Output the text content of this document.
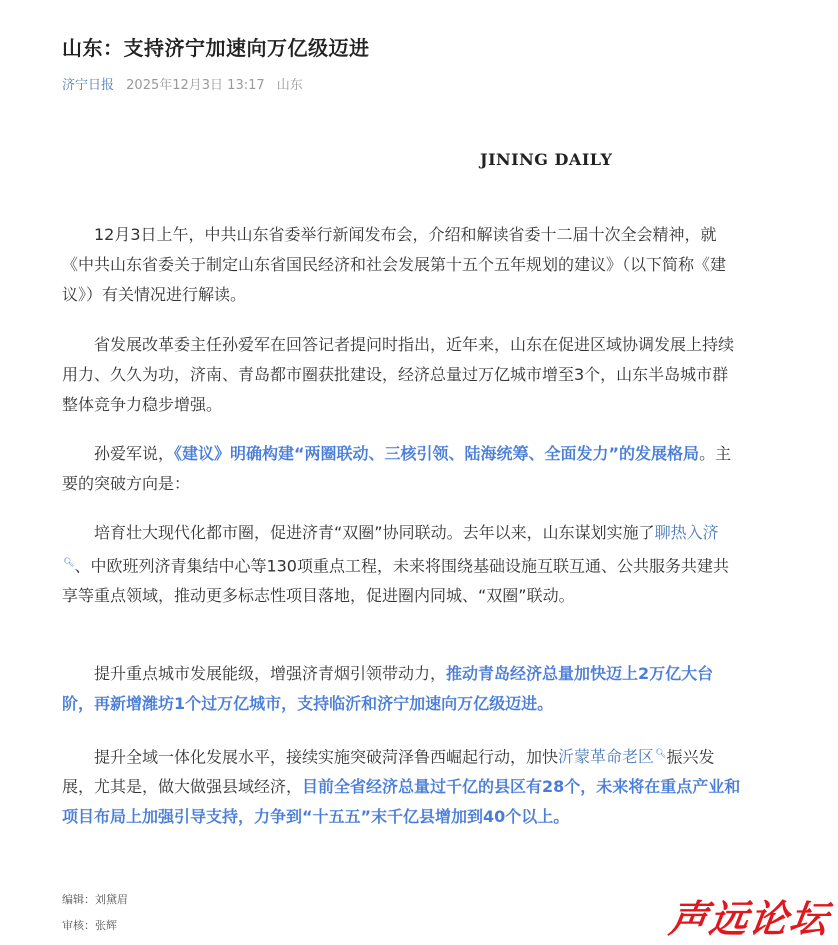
山东：支持济宁加速向万亿级迈进
济宁日报 2025年12月3日 13:17 山东
JINING DAILY

12月3日上午，中共山东省委举行新闻发布会，介绍和解读省委十二届十次全会精神，就《中共山东省委关于制定山东省国民经济和社会发展第十五个五年规划的建议》（以下简称《建议》）有关情况进行解读。

省发展改革委主任孙爱军在回答记者提问时指出，近年来，山东在促进区域协调发展上持续用力、久久为功，济南、青岛都市圈获批建设，经济总量过万亿城市增至3个，山东半岛城市群整体竞争力稳步增强。

孙爱军说，《建议》明确构建“两圈联动、三核引领、陆海统筹、全面发力”的发展格局。主要的突破方向是：

培育壮大现代化都市圈，促进济青“双圈”协同联动。去年以来，山东谋划实施了聊热入济🔍︎、中欧班列济青集结中心等130项重点工程，未来将围绕基础设施互联互通、公共服务共建共享等重点领域，推动更多标志性项目落地，促进圈内同城、“双圈”联动。

提升重点城市发展能级，增强济青烟引领带动力，推动青岛经济总量加快迈上2万亿大台阶，再新增潍坊1个过万亿城市，支持临沂和济宁加速向万亿级迈进。

提升全域一体化发展水平，接续实施突破菏泽鲁西崛起行动，加快沂蒙革命老区🔍︎振兴发展，尤其是，做大做强县域经济，目前全省经济总量过千亿的县区有28个，未来将在重点产业和项目布局上加强引导支持，力争到“十五五”末千亿县增加到40个以上。

编辑：刘黛眉
审核：张辉	声远论坛
